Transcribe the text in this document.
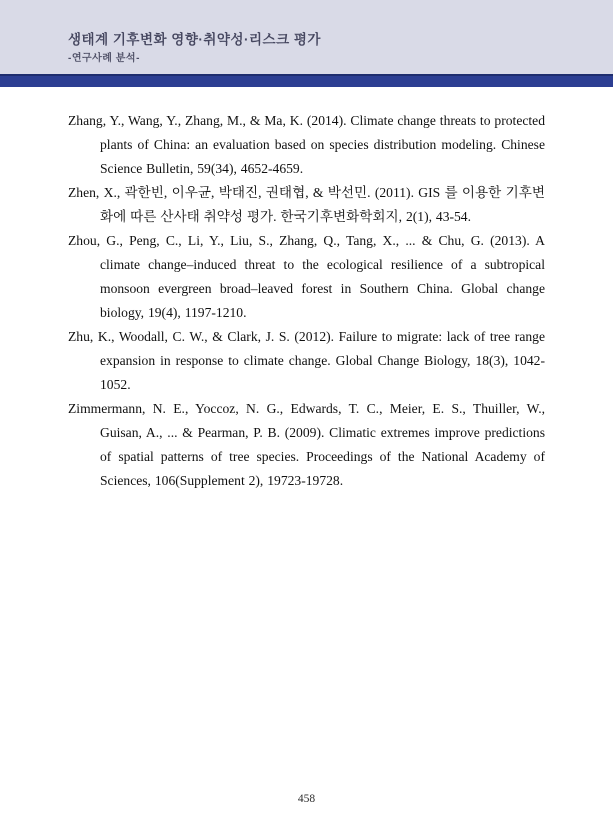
생태계 기후변화 영향·취약성·리스크 평가
-연구사례 분석-

Zhang, Y., Wang, Y., Zhang, M., & Ma, K. (2014). Climate change threats to protected plants of China: an evaluation based on species distribution modeling. Chinese Science Bulletin, 59(34), 4652-4659.

Zhen, X., 곽한빈, 이우균, 박태진, 권태협, & 박선민. (2011). GIS 를 이용한 기후변화에 따른 산사태 취약성 평가. 한국기후변화학회지, 2(1), 43-54.

Zhou, G., Peng, C., Li, Y., Liu, S., Zhang, Q., Tang, X., ... & Chu, G. (2013). A climate change–induced threat to the ecological resilience of a subtropical monsoon evergreen broad–leaved forest in Southern China. Global change biology, 19(4), 1197-1210.

Zhu, K., Woodall, C. W., & Clark, J. S. (2012). Failure to migrate: lack of tree range expansion in response to climate change. Global Change Biology, 18(3), 1042-1052.

Zimmermann, N. E., Yoccoz, N. G., Edwards, T. C., Meier, E. S., Thuiller, W., Guisan, A., ... & Pearman, P. B. (2009). Climatic extremes improve predictions of spatial patterns of tree species. Proceedings of the National Academy of Sciences, 106(Supplement 2), 19723-19728.

458
